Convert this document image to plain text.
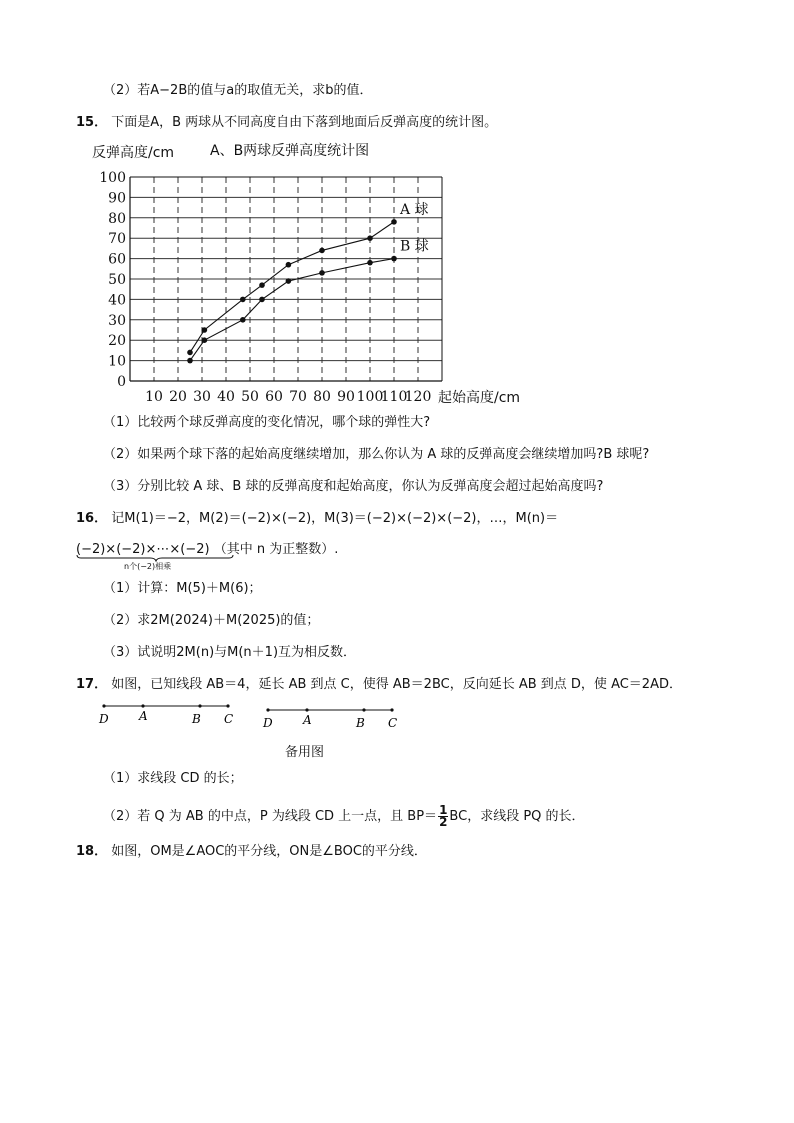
（2）若A−2B的值与a的取值无关，求b的值．
15． 下面是A，B 两球从不同高度自由下落到地面后反弹高度的统计图。
反弹高度/cm	A、B两球反弹高度统计图
0
10
20
30
40
50
60
70
80
90
100
10 20 30 40 50 60 70 80 90 100
110
120
A 球
B 球
起始高度/cm
（1）比较两个球反弹高度的变化情况，哪个球的弹性大?
（2）如果两个球下落的起始高度继续增加，那么你认为 A 球的反弹高度会继续增加吗?B 球呢?
（3）分别比较 A 球、B 球的反弹高度和起始高度，你认为反弹高度会超过起始高度吗?
16． 记M(1)＝−2，M(2)＝(−2)×(−2)，M(3)＝(−2)×(−2)×(−2)，…，M(n)＝
(−2)×(−2)×⋯×(−2) （其中 n 为正整数）.
n个(−2)相乘
（1）计算：M(5)＋M(6)；
（2）求2M(2024)＋M(2025)的值；
（3）试说明2M(n)与M(n＋1)互为相反数．
17． 如图，已知线段 AB＝4，延长 AB 到点 C，使得 AB＝2BC，反向延长 AB 到点 D，使 AC＝2AD．
D	A	B C D	A	B C
备用图
（1）求线段 CD 的长；
（2）若 Q 为 AB 的中点，P 为线段 CD 上一点，且 $BP= \frac{1}{2}$ BC，求线段 PQ 的长．
18． 如图，OM是∠AOC的平分线，ON是∠BOC的平分线．
